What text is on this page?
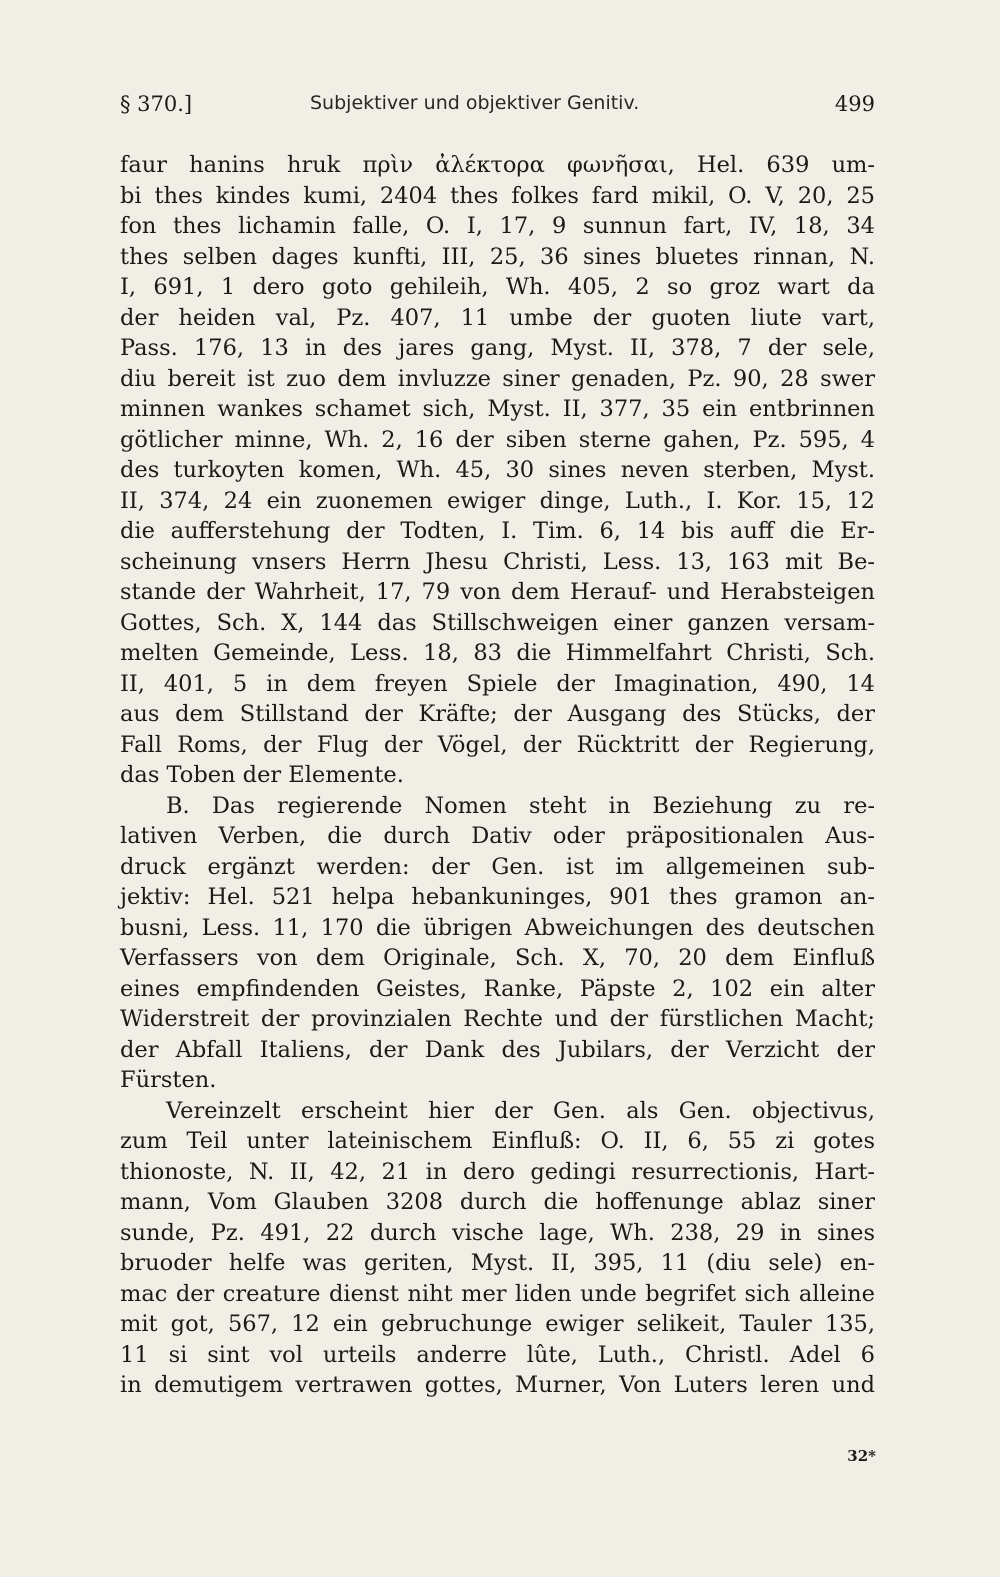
§ 370.]	Subjektiver und objektiver Genitiv.	499
faur hanins hruk πρὶν ἀλέκτορα φωνῆσαι, Hel. 639 um-
bi thes kindes kumi, 2404 thes folkes fard mikil, O. V, 20, 25
fon thes lichamin falle, O. I, 17, 9 sunnun fart, IV, 18, 34
thes selben dages kunfti, III, 25, 36 sines bluetes rinnan, N.
I, 691, 1 dero goto gehileih, Wh. 405, 2 so groz wart da
der heiden val, Pz. 407, 11 umbe der guoten liute vart,
Pass. 176, 13 in des jares gang, Myst. II, 378, 7 der sele,
diu bereit ist zuo dem invluzze siner genaden, Pz. 90, 28 swer
minnen wankes schamet sich, Myst. II, 377, 35 ein entbrinnen
götlicher minne, Wh. 2, 16 der siben sterne gahen, Pz. 595, 4
des turkoyten komen, Wh. 45, 30 sines neven sterben, Myst.
II, 374, 24 ein zuonemen ewiger dinge, Luth., I. Kor. 15, 12
die aufferstehung der Todten, I. Tim. 6, 14 bis auff die Er-
scheinung vnsers Herrn Jhesu Christi, Less. 13, 163 mit Be-
stande der Wahrheit, 17, 79 von dem Herauf- und Herabsteigen
Gottes, Sch. X, 144 das Stillschweigen einer ganzen versam-
melten Gemeinde, Less. 18, 83 die Himmelfahrt Christi, Sch.
II, 401, 5 in dem freyen Spiele der Imagination, 490, 14
aus dem Stillstand der Kräfte; der Ausgang des Stücks, der
Fall Roms, der Flug der Vögel, der Rücktritt der Regierung,
das Toben der Elemente.
B. Das regierende Nomen steht in Beziehung zu re-
lativen Verben, die durch Dativ oder präpositionalen Aus-
druck ergänzt werden: der Gen. ist im allgemeinen sub-
jektiv: Hel. 521 helpa hebankuninges, 901 thes gramon an-
busni, Less. 11, 170 die übrigen Abweichungen des deutschen
Verfassers von dem Originale, Sch. X, 70, 20 dem Einfluß
eines empfindenden Geistes, Ranke, Päpste 2, 102 ein alter
Widerstreit der provinzialen Rechte und der fürstlichen Macht;
der Abfall Italiens, der Dank des Jubilars, der Verzicht der
Fürsten.
Vereinzelt erscheint hier der Gen. als Gen. objectivus,
zum Teil unter lateinischem Einfluß: O. II, 6, 55 zi gotes
thionoste, N. II, 42, 21 in dero gedingi resurrectionis, Hart-
mann, Vom Glauben 3208 durch die hoffenunge ablaz siner
sunde, Pz. 491, 22 durch vische lage, Wh. 238, 29 in sines
bruoder helfe was geriten, Myst. II, 395, 11 (diu sele) en-
mac der creature dienst niht mer liden unde begrifet sich alleine
mit got, 567, 12 ein gebruchunge ewiger selikeit, Tauler 135,
11 si sint vol urteils anderre lûte, Luth., Christl. Adel 6
in demutigem vertrawen gottes, Murner, Von Luters leren und
32*
